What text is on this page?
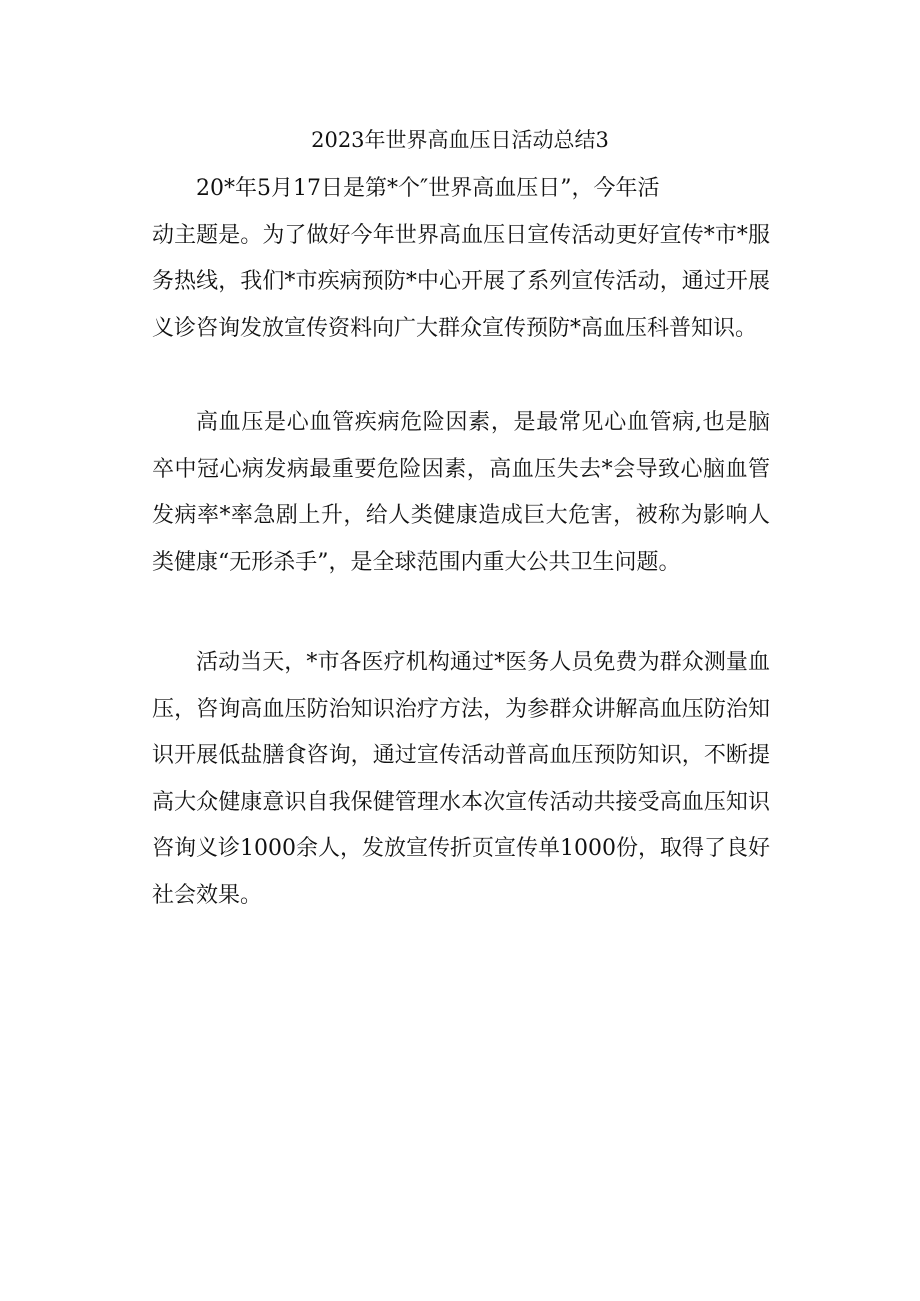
2023年世界高血压日活动总结3

20*年5月17日是第*个″世界高血压日”，今年活

动主题是。为了做好今年世界高血压日宣传活动更好宣传*市*服务热线，我们*市疾病预防*中心开展了系列宣传活动，通过开展义诊咨询发放宣传资料向广大群众宣传预防*高血压科普知识。

高血压是心血管疾病危险因素，是最常见心血管病,也是脑卒中冠心病发病最重要危险因素，高血压失去*会导致心脑血管发病率*率急剧上升，给人类健康造成巨大危害，被称为影响人类健康“无形杀手”，是全球范围内重大公共卫生问题。

活动当天，*市各医疗机构通过*医务人员免费为群众测量血压，咨询高血压防治知识治疗方法，为参群众讲解高血压防治知识开展低盐膳食咨询，通过宣传活动普高血压预防知识，不断提高大众健康意识自我保健管理水本次宣传活动共接受高血压知识咨询义诊1000余人，发放宣传折页宣传单1000份，取得了良好社会效果。
